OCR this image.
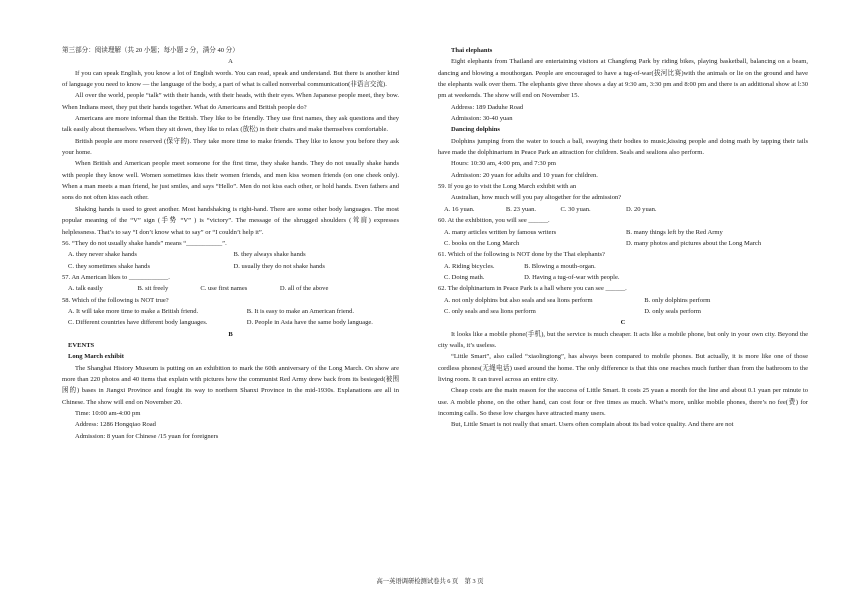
第三部分：阅读理解（共 20 小题；每小题 2 分，满分 40 分）

A

If you can speak English, you know a lot of English words. You can read, speak and understand. But there is another kind of language you need to know — the language of the body, a part of what is called nonverbal communication(非语言交流).

All over the world, people “talk” with their hands, with their heads, with their eyes. When Japanese people meet, they bow. When Indians meet, they put their hands together. What do Americans and British people do?

Americans are more informal than the British. They like to be friendly. They use first names, they ask questions and they talk easily about themselves. When they sit down, they like to relax (放松) in their chairs and make themselves comfortable.

British people are more reserved (保守的). They take more time to make friends. They like to know you before they ask your home.

When British and American people meet someone for the first time, they shake hands. They do not usually shake hands with people they know well. Women sometimes kiss their women friends, and men kiss women friends (on one cheek only). When a man meets a man friend, he just smiles, and says “Hello”. Men do not kiss each other, or hold hands. Even fathers and sons do not often kiss each other.

Shaking hands is used to greet another. Most handshaking is right-hand. There are some other body languages. The most popular meaning of the “V” sign (手势 “V” ) is “victory”. The message of the shrugged shoulders (耸肩) expresses helplessness. That’s to say “I don’t know what to say” or “I couldn’t help it”.

56. “They do not usually shake hands” means “___________”.

A. they never shake hands	B. they always shake hands
C. they sometimes shake hands	D. usually they do not shake hands

57. An American likes to ____________.

A. talk easily	B. sit freely	C. use first names	D. all of the above

58. Which of the following is NOT true?

A. It will take more time to make a British friend.	B. It is easy to make an American friend.
C. Different countries have different body languages.	D. People in Asia have the same body language.

B

EVENTS

Long March exhibit

The Shanghai History Museum is putting on an exhibition to mark the 60th anniversary of the Long March. On show are more than 220 photos and 40 items that explain with pictures how the communist Red Army drew back from its besieged(被围困的) bases in Jiangxi Province and fought its way to northern Shanxi Province in the mid-1930s. Explanations are all in Chinese. The show will end on November 20.

Time: 10:00 am-4:00 pm

Address: 1286 Hongqiao Road

Admission: 8 yuan for Chinese /15 yuan for foreigners

Thai elephants

Eight elephants from Thailand are entertaining visitors at Changfeng Park by riding bikes, playing basketball, balancing on a beam, dancing and blowing a mouthorgan. People are encouraged to have a tug-of-war(拔河比赛)with the animals or lie on the ground and have the elephants walk over them. The elephants give three shows a day at 9:30 am, 3:30 pm and 8:00 pm and there is an additional show at l:30 pm at weekends. The show will end on November 15.

Address: 189 Daduhe Road

Admission: 30-40 yuan

Dancing dolphins

Dolphins jumping from the water to touch a ball, swaying their bodies to music,kissing people and doing math by tapping their tails have made the dolphinarium in Peace Park an attraction for children. Seals and sealions also perform.

Hours: 10:30 am, 4:00 pm, and 7:30 pm

Admission: 20 yuan for adults and 10 yuan for children.

59. If you go to visit the Long March exhibit with an

Australian, how much will you pay altogether for the admission?

A. 16 yuan.	B. 23 yuan.	C. 30 yuan.	D. 20 yuan.

60. At the exhibition, you will see ______.

A. many articles written by famous writers	B. many things left by the Red Army
C. books on the Long March	D. many photos and pictures about the Long March

61. Which of the following is NOT done by the Thai elephants?

A. Riding bicycles.	B. Blowing a mouth-organ.
C. Doing math.	D. Having a tug-of-war with people.

62. The dolphinarium in Peace Park is a hall where you can see ______.

A. not only dolphins but also seals and sea lions perform	B. only dolphins perform
C. only seals and sea lions perform	D. only seals perform

C

It looks like a mobile phone(手机), but the service is much cheaper. It acts like a mobile phone, but only in your own city. Beyond the city walls, it’s useless.

“Little Smart”, also called “xiaolingtong”, has always been compared to mobile phones. But actually, it is more like one of those cordless phones(无绳电话) used around the home. The only difference is that this one reaches much further than from the bathroom to the living room. It can travel across an entire city.

Cheap costs are the main reason for the success of Little Smart. It costs 25 yuan a month for the line and about 0.1 yuan per minute to use. A mobile phone, on the other hand, can cost four or five times as much. What’s more, unlike mobile phones, there’s no fee(费) for incoming calls. So these low charges have attracted many users.

But, Little Smart is not really that smart. Users often complain about its bad voice quality. And there are not

高一英语调研检测试卷共 6 页　第 3 页
